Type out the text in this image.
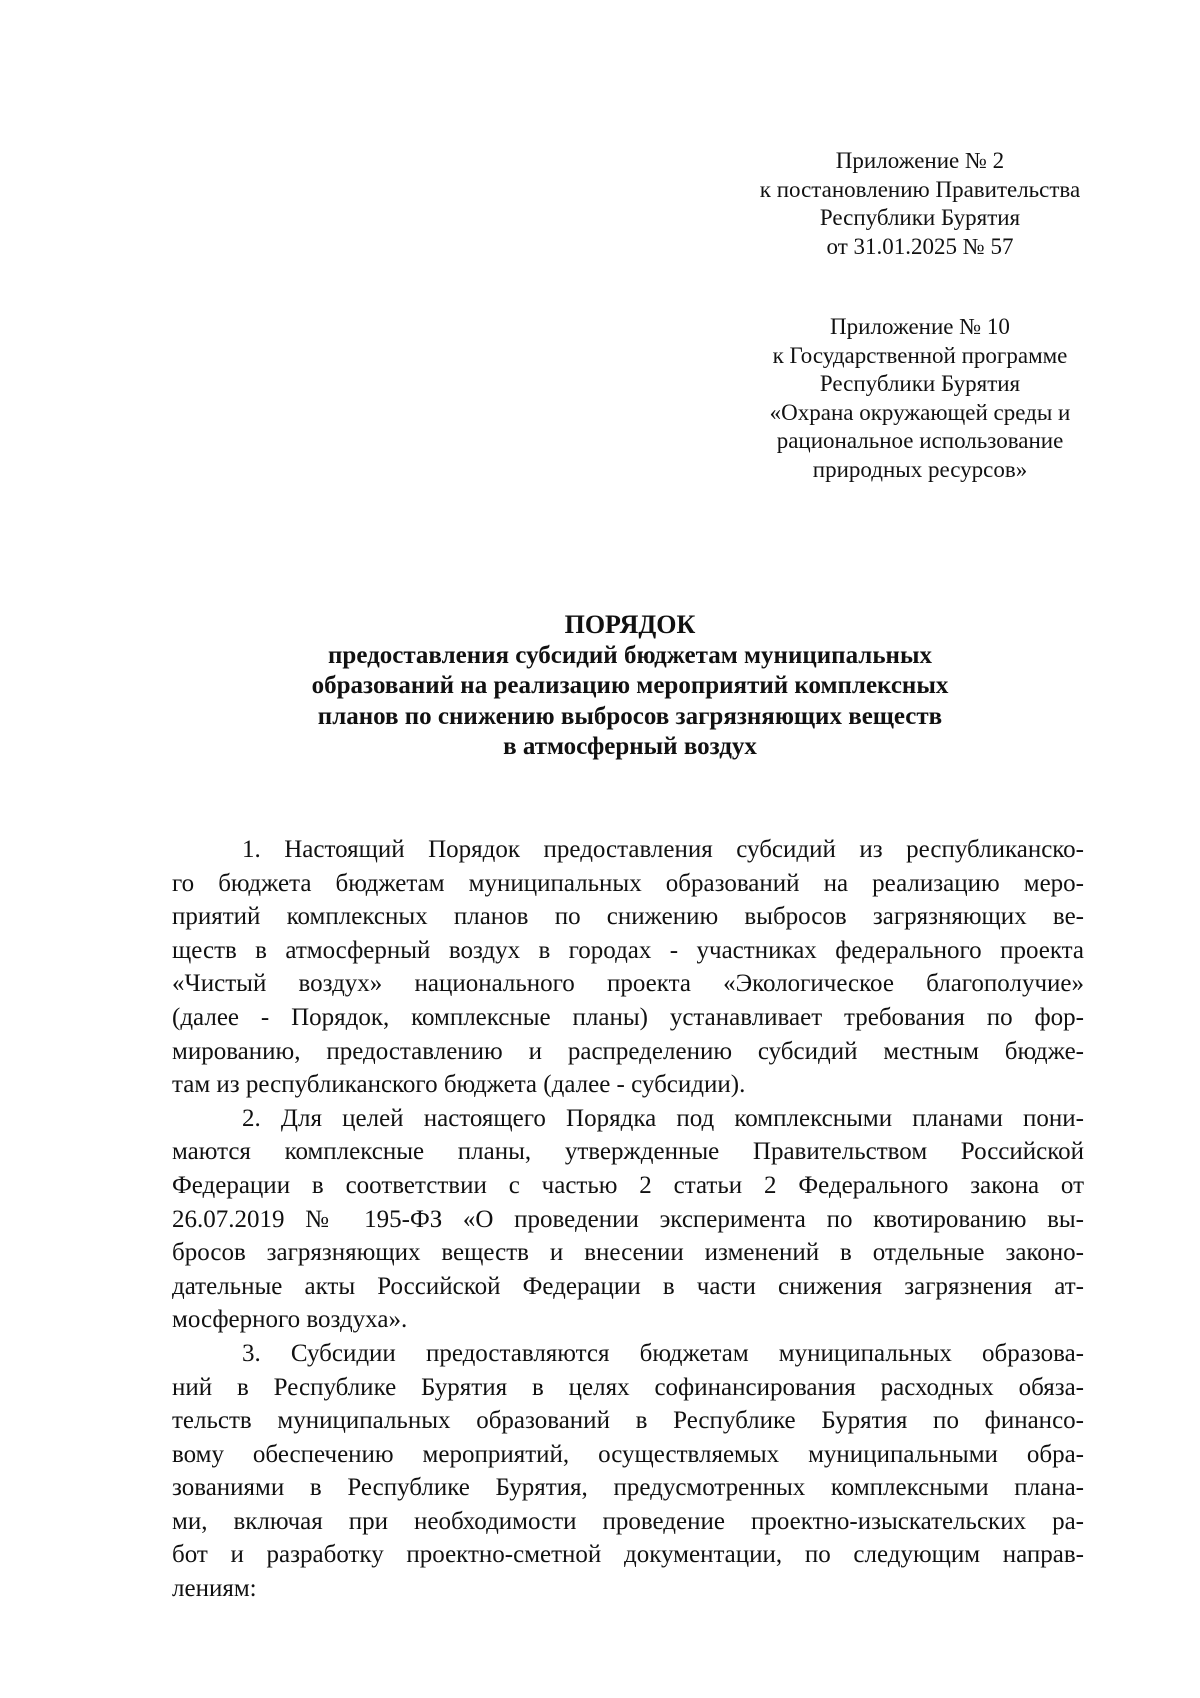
Приложение № 2
к постановлению Правительства
Республики Бурятия
от 31.01.2025 № 57
Приложение № 10
к Государственной программе
Республики Бурятия
«Охрана окружающей среды и
рациональное использование
природных ресурсов»
ПОРЯДОК
предоставления субсидий бюджетам муниципальных
образований на реализацию мероприятий комплексных
планов по снижению выбросов загрязняющих веществ
в атмосферный воздух
1. Настоящий Порядок предоставления субсидий из республиканско-
го бюджета бюджетам муниципальных образований на реализацию меро-
приятий комплексных планов по снижению выбросов загрязняющих ве-
ществ в атмосферный воздух в городах - участниках федерального проекта
«Чистый воздух» национального проекта «Экологическое благополучие»
(далее - Порядок, комплексные планы) устанавливает требования по фор-
мированию, предоставлению и распределению субсидий местным бюдже-
там из республиканского бюджета (далее - субсидии).
2. Для целей настоящего Порядка под комплексными планами пони-
маются комплексные планы, утвержденные Правительством Российской
Федерации в соответствии с частью 2 статьи 2 Федерального закона от
26.07.2019 № 195-ФЗ «О проведении эксперимента по квотированию вы-
бросов загрязняющих веществ и внесении изменений в отдельные законо-
дательные акты Российской Федерации в части снижения загрязнения ат-
мосферного воздуха».
3. Субсидии предоставляются бюджетам муниципальных образова-
ний в Республике Бурятия в целях софинансирования расходных обяза-
тельств муниципальных образований в Республике Бурятия по финансо-
вому обеспечению мероприятий, осуществляемых муниципальными обра-
зованиями в Республике Бурятия, предусмотренных комплексными плана-
ми, включая при необходимости проведение проектно-изыскательских ра-
бот и разработку проектно-сметной документации, по следующим направ-
лениям:
